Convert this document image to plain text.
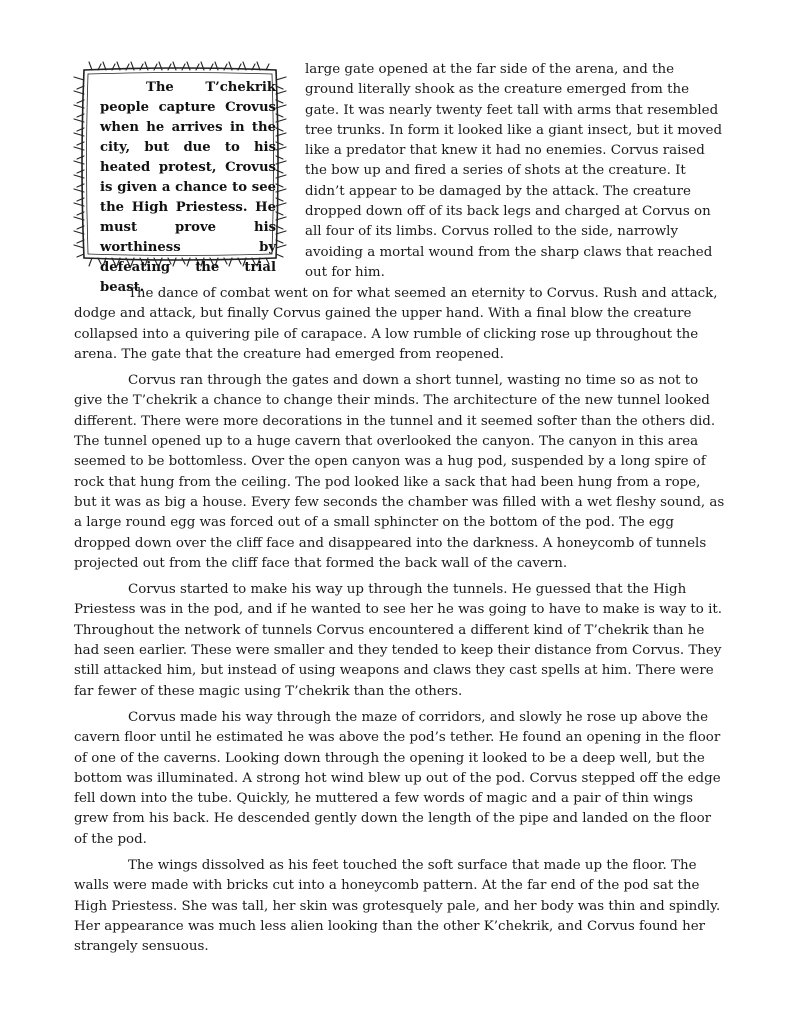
The T’chekrik people capture Crovus when he arrives in the city, but due to his heated protest, Crovus is given a chance to see the High Priestess. He must prove his worthiness by defeating the trial beast.

large gate opened at the far side of the arena, and the ground literally shook as the creature emerged from the gate. It was nearly twenty feet tall with arms that resembled tree trunks. In form it looked like a giant insect, but it moved like a predator that knew it had no enemies. Corvus raised the bow up and fired a series of shots at the creature. It didn’t appear to be damaged by the attack. The creature dropped down off of its back legs and charged at Corvus on all four of its limbs. Corvus rolled to the side, narrowly avoiding a mortal wound from the sharp claws that reached out for him.

The dance of combat went on for what seemed an eternity to Corvus. Rush and attack, dodge and attack, but finally Corvus gained the upper hand. With a final blow the creature collapsed into a quivering pile of carapace. A low rumble of clicking rose up throughout the arena. The gate that the creature had emerged from reopened.

Corvus ran through the gates and down a short tunnel, wasting no time so as not to give the T’chekrik a chance to change their minds. The architecture of the new tunnel looked different. There were more decorations in the tunnel and it seemed softer than the others did. The tunnel opened up to a huge cavern that overlooked the canyon. The canyon in this area seemed to be bottomless. Over the open canyon was a hug pod, suspended by a long spire of rock that hung from the ceiling. The pod looked like a sack that had been hung from a rope, but it was as big a house. Every few seconds the chamber was filled with a wet fleshy sound, as a large round egg was forced out of a small sphincter on the bottom of the pod. The egg dropped down over the cliff face and disappeared into the darkness. A honeycomb of tunnels projected out from the cliff face that formed the back wall of the cavern.

Corvus started to make his way up through the tunnels. He guessed that the High Priestess was in the pod, and if he wanted to see her he was going to have to make is way to it. Throughout the network of tunnels Corvus encountered a different kind of T’chekrik than he had seen earlier. These were smaller and they tended to keep their distance from Corvus. They still attacked him, but instead of using weapons and claws they cast spells at him. There were far fewer of these magic using T’chekrik than the others.

Corvus made his way through the maze of corridors, and slowly he rose up above the cavern floor until he estimated he was above the pod’s tether. He found an opening in the floor of one of the caverns. Looking down through the opening it looked to be a deep well, but the bottom was illuminated. A strong hot wind blew up out of the pod. Corvus stepped off the edge fell down into the tube. Quickly, he muttered a few words of magic and a pair of thin wings grew from his back. He descended gently down the length of the pipe and landed on the floor of the pod.

The wings dissolved as his feet touched the soft surface that made up the floor. The walls were made with bricks cut into a honeycomb pattern. At the far end of the pod sat the High Priestess. She was tall, her skin was grotesquely pale, and her body was thin and spindly. Her appearance was much less alien looking than the other K’chekrik, and Corvus found her strangely sensuous.
